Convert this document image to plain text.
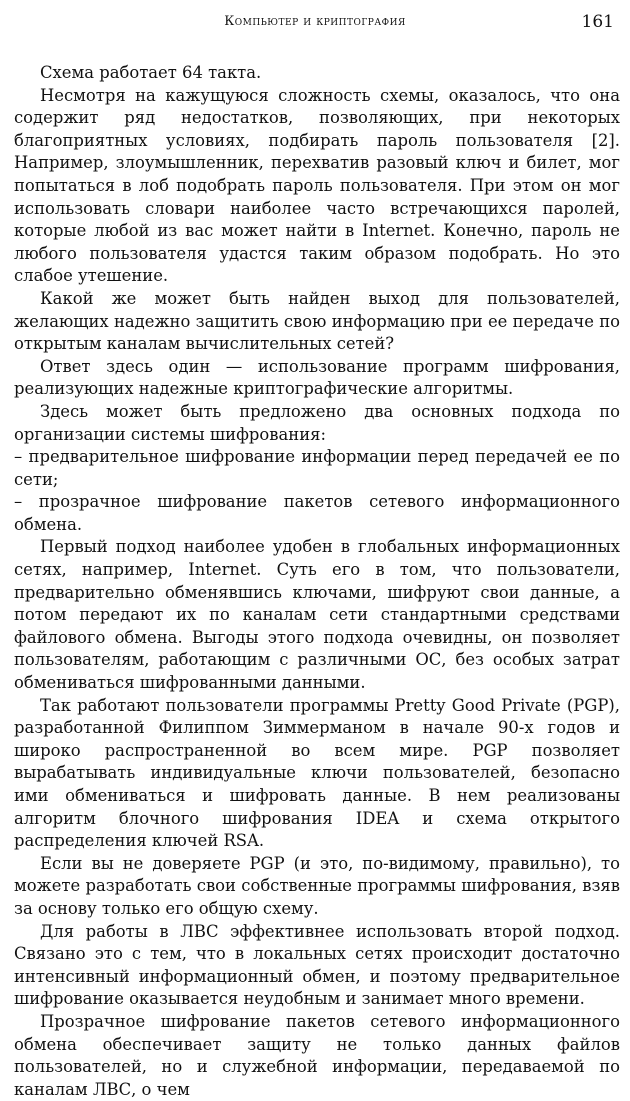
Компьютер и криптография	161

Схема работает 64 такта.

Несмотря на кажущуюся сложность схемы, оказалось, что она содержит ряд недостатков, позволяющих, при некоторых благоприятных условиях, подбирать пароль пользователя [2]. Например, злоумышленник, перехватив разовый ключ и билет, мог попытаться в лоб подобрать пароль пользователя. При этом он мог использовать словари наиболее часто встречающихся паролей, которые любой из вас может найти в Internet. Конечно, пароль не любого пользователя удастся таким образом подобрать. Но это слабое утешение.

Какой же может быть найден выход для пользователей, желающих надежно защитить свою информацию при ее передаче по открытым каналам вычислительных сетей?

Ответ здесь один — использование программ шифрования, реализующих надежные криптографические алгоритмы.

Здесь может быть предложено два основных подхода по организации системы шифрования:

– предварительное шифрование информации перед передачей ее по сети;

– прозрачное шифрование пакетов сетевого информационного обмена.

Первый подход наиболее удобен в глобальных информационных сетях, например, Internet. Суть его в том, что пользователи, предварительно обменявшись ключами, шифруют свои данные, а потом передают их по каналам сети стандартными средствами файлового обмена. Выгоды этого подхода очевидны, он позволяет пользователям, работающим с различными ОС, без особых затрат обмениваться шифрованными данными.

Так работают пользователи программы Pretty Good Private (PGP), разработанной Филиппом Зиммерманом в начале 90-х годов и широко распространенной во всем мире. PGP позволяет вырабатывать индивидуальные ключи пользователей, безопасно ими обмениваться и шифровать данные. В нем реализованы алгоритм блочного шифрования IDEA и схема открытого распределения ключей RSA.

Если вы не доверяете PGP (и это, по-видимому, правильно), то можете разработать свои собственные программы шифрования, взяв за основу только его общую схему.

Для работы в ЛВС эффективнее использовать второй подход. Связано это с тем, что в локальных сетях происходит достаточно интенсивный информационный обмен, и поэтому предварительное шифрование оказывается неудобным и занимает много времени.

Прозрачное шифрование пакетов сетевого информационного обмена обеспечивает защиту не только данных файлов пользователей, но и служебной информации, передаваемой по каналам ЛВС, о чем
